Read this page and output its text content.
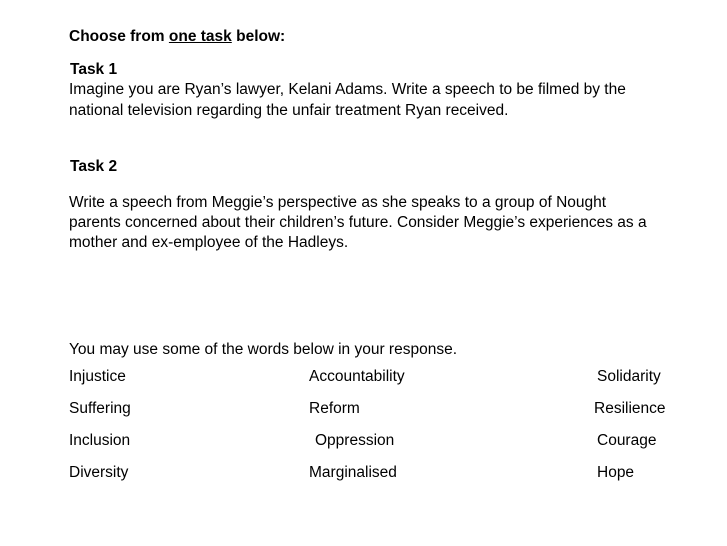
Choose from one task below:
Task 1
Imagine you are Ryan’s lawyer, Kelani Adams. Write a speech to be filmed by the
national television regarding the unfair treatment Ryan received.
Task 2
Write a speech from Meggie’s perspective as she speaks to a group of Nought
parents concerned about their children’s future. Consider Meggie’s experiences as a
mother and ex-employee of the Hadleys.
You may use some of the words below in your response.
Injustice
Suffering
Inclusion
Diversity
Accountability
Reform
Oppression
Marginalised
Solidarity
Resilience
Courage
Hope
